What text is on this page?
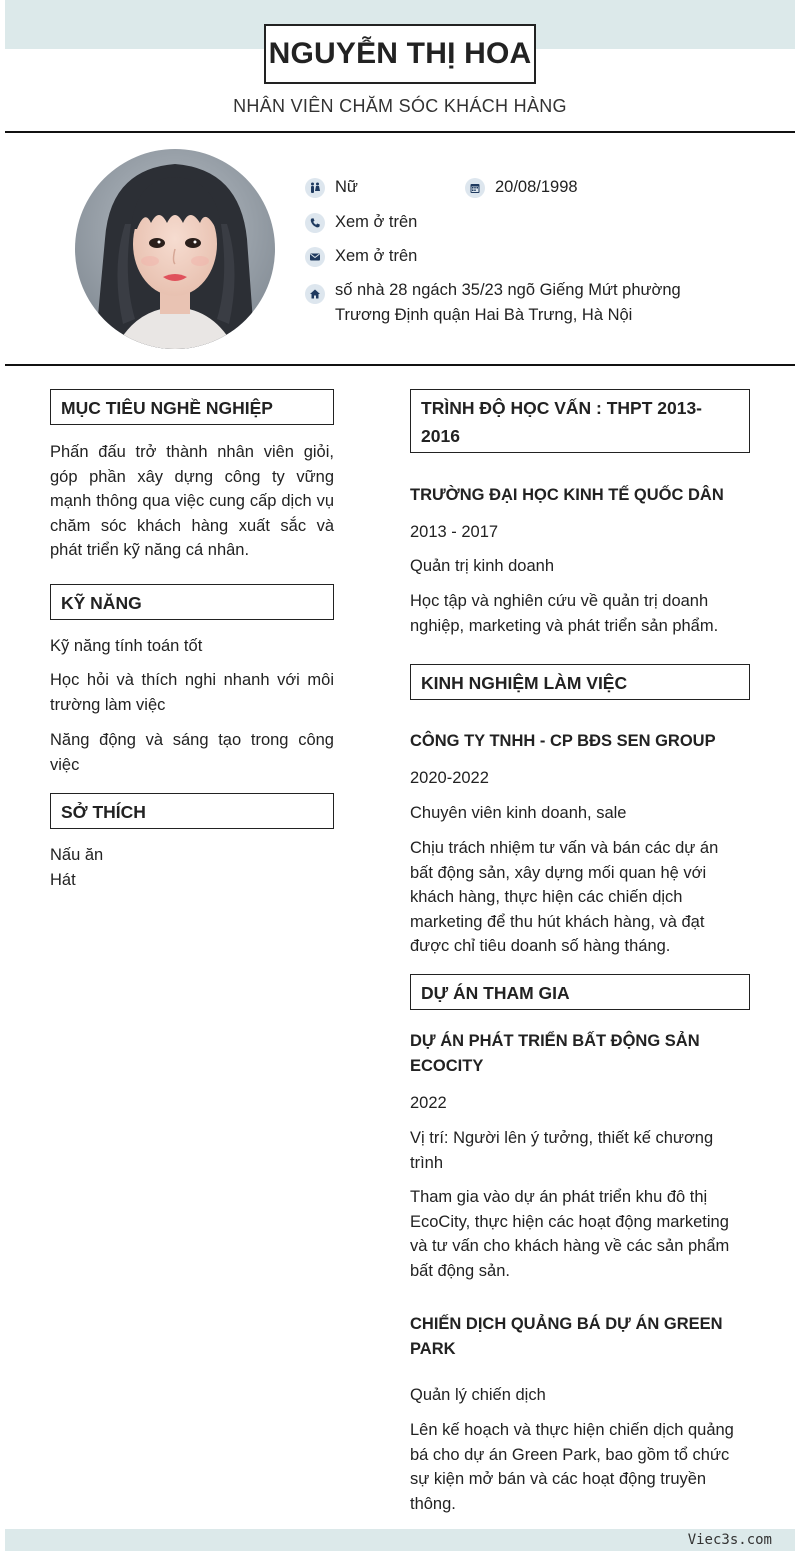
Viec3s.com
NGUYỄN THỊ HOA
NHÂN VIÊN CHĂM SÓC KHÁCH HÀNG
Nữ	20/08/1998
Xem ở trên
Xem ở trên
số nhà 28 ngách 35/23 ngõ Giếng Mứt phường
Trương Định quận Hai Bà Trưng, Hà Nội
MỤC TIÊU NGHỀ NGHIỆP
Phấn đấu trở thành nhân viên giỏi, góp phần xây dựng công ty vững mạnh thông qua việc cung cấp dịch vụ chăm sóc khách hàng xuất sắc và phát triển kỹ năng cá nhân.
KỸ NĂNG
Kỹ năng tính toán tốt
Học hỏi và thích nghi nhanh với môi trường làm việc
Năng động và sáng tạo trong công việc
SỞ THÍCH
Nấu ăn
Hát
TRÌNH ĐỘ HỌC VẤN : THPT 2013-2016
TRƯỜNG ĐẠI HỌC KINH TẾ QUỐC DÂN
2013 - 2017
Quản trị kinh doanh
Học tập và nghiên cứu về quản trị doanh nghiệp, marketing và phát triển sản phẩm.
KINH NGHIỆM LÀM VIỆC
CÔNG TY TNHH - CP BĐS SEN GROUP
2020-2022
Chuyên viên kinh doanh, sale
Chịu trách nhiệm tư vấn và bán các dự án bất động sản, xây dựng mối quan hệ với khách hàng, thực hiện các chiến dịch marketing để thu hút khách hàng, và đạt được chỉ tiêu doanh số hàng tháng.
DỰ ÁN THAM GIA
DỰ ÁN PHÁT TRIỂN BẤT ĐỘNG SẢN ECOCITY
2022
Vị trí: Người lên ý tưởng, thiết kế chương trình
Tham gia vào dự án phát triển khu đô thị EcoCity, thực hiện các hoạt động marketing và tư vấn cho khách hàng về các sản phẩm bất động sản.
CHIẾN DỊCH QUẢNG BÁ DỰ ÁN GREEN PARK
Quản lý chiến dịch
Lên kế hoạch và thực hiện chiến dịch quảng bá cho dự án Green Park, bao gồm tổ chức sự kiện mở bán và các hoạt động truyền thông.
